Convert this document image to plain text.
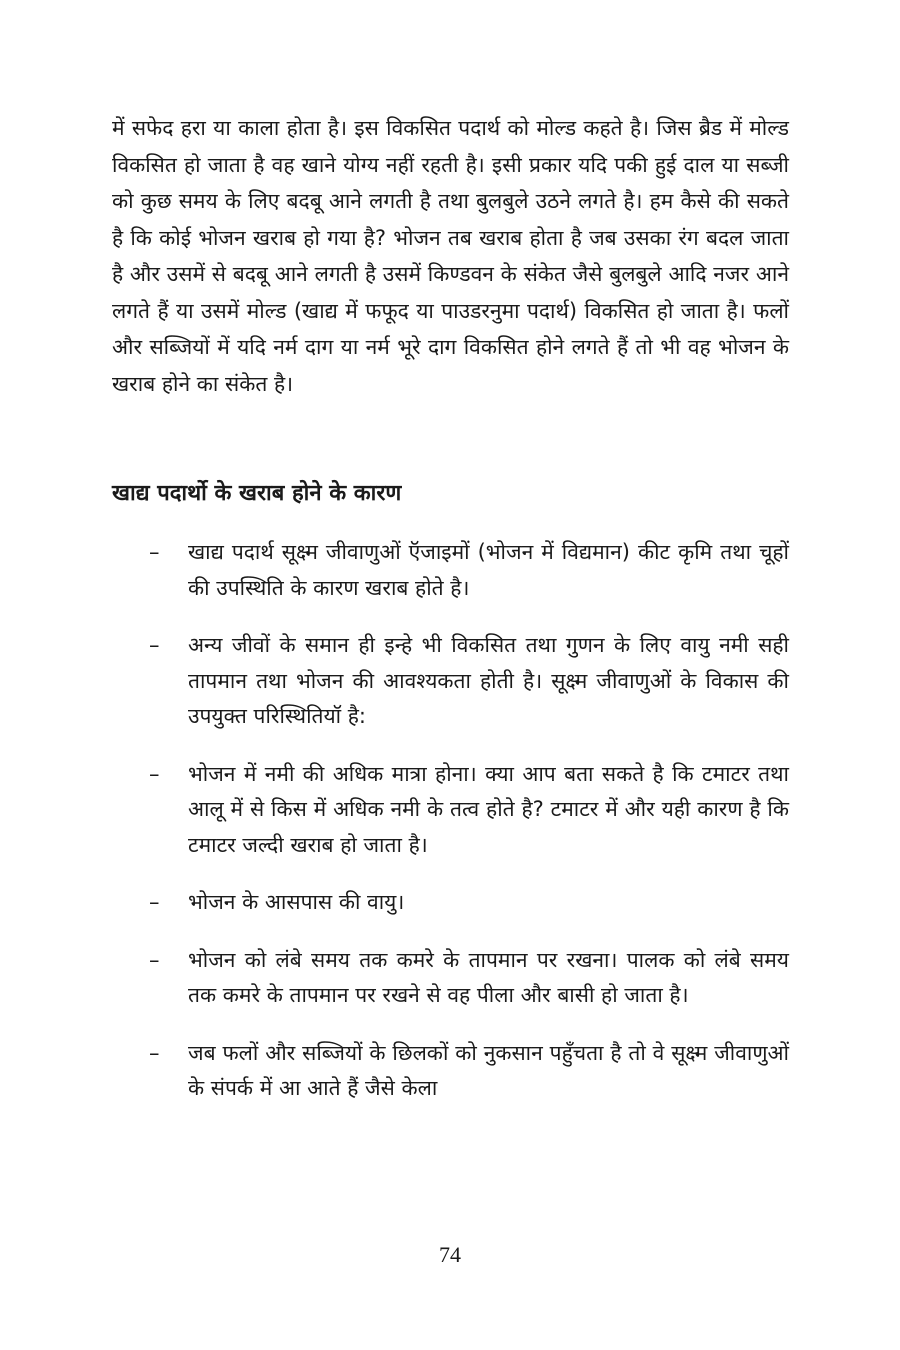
में सफेद हरा या काला होता है। इस विकसित पदार्थ को मोल्ड कहते है। जिस ब्रैड में मोल्ड विकसित हो जाता है वह खाने योग्य नहीं रहती है। इसी प्रकार यदि पकी हुई दाल या सब्जी को कुछ समय के लिए बदबू आने लगती है तथा बुलबुले उठने लगते है। हम कैसे की सकते है कि कोई भोजन खराब हो गया है? भोजन तब खराब होता है जब उसका रंग बदल जाता है और उसमें से बदबू आने लगती है उसमें किण्डवन के संकेत जैसे बुलबुले आदि नजर आने लगते हैं या उसमें मोल्ड (खाद्य में फफूद या पाउडरनुमा पदार्थ) विकसित हो जाता है। फलों और सब्जियों में यदि नर्म दाग या नर्म भूरे दाग विकसित होने लगते हैं तो भी वह भोजन के खराब होने का संकेत है।

खाद्य पदार्थो के खराब होने के कारण
– खाद्य पदार्थ सूक्ष्म जीवाणुओं ऍजाइमों (भोजन में विद्यमान) कीट कृमि तथा चूहों की उपस्थिति के कारण खराब होते है।
– अन्य जीवों के समान ही इन्हे भी विकसित तथा गुणन के लिए वायु नमी सही तापमान तथा भोजन की आवश्यकता होती है। सूक्ष्म जीवाणुओं के विकास की उपयुक्त परिस्थितियॉ है:
– भोजन में नमी की अधिक मात्रा होना। क्या आप बता सकते है कि टमाटर तथा आलू में से किस में अधिक नमी के तत्व होते है? टमाटर में और यही कारण है कि टमाटर जल्दी खराब हो जाता है।
– भोजन के आसपास की वायु।
– भोजन को लंबे समय तक कमरे के तापमान पर रखना। पालक को लंबे समय तक कमरे के तापमान पर रखने से वह पीला और बासी हो जाता है।
– जब फलों और सब्जियों के छिलकों को नुकसान पहुँचता है तो वे सूक्ष्म जीवाणुओं के संपर्क में आ आते हैं जैसे केला
74
